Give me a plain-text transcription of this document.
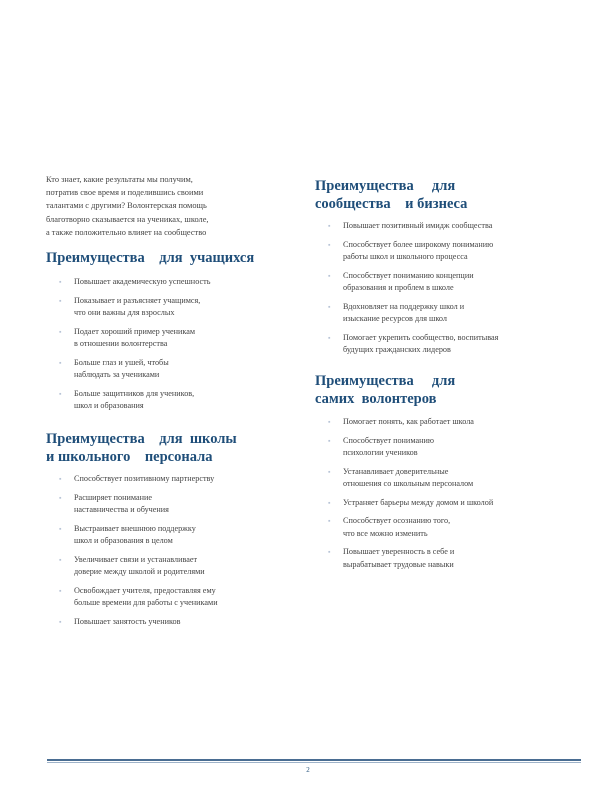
Кто знает, какие результаты мы получим,
потратив свое время и поделившись своими
талантами с другими? Волонтерская помощь
благотворно сказывается на учениках, школе,
а также положительно влияет на сообщество
Преимущества    для  учащихся
▪ Повышает академическую успешность
▪ Показывает и разъясняет учащимся,
что они важны для взрослых
▪ Подает хороший пример ученикам
в отношении волонтерства
▪ Больше глаз и ушей, чтобы
наблюдать за учениками
▪ Больше защитников для учеников,
школ и образования
Преимущества    для  школы
и школьного    персонала
▪ Способствует позитивному партнерству
▪ Расширяет понимание
наставничества и обучения
▪ Выстраивает внешнюю поддержку
школ и образования в целом
▪ Увеличивает связи и устанавливает
доверие между школой и родителями
▪ Освобождает учителя, предоставляя ему
больше времени для работы с учениками
▪ Повышает занятость учеников
Преимущества     для
сообщества    и бизнеса
▪ Повышает позитивный имидж сообщества
▪ Способствует более широкому пониманию
работы школ и школьного процесса
▪ Способствует пониманию концепции
образования и проблем в школе
▪ Вдохновляет на поддержку школ и
изыскание ресурсов для школ
▪ Помогает укрепить сообщество, воспитывая
будущих гражданских лидеров
Преимущества     для
самих  волонтеров
▪ Помогает понять, как работает школа
▪ Способствует пониманию
психологии учеников
▪ Устанавливает доверительные
отношения со школьным персоналом
▪ Устраняет барьеры между домом и школой
▪ Способствует осознанию того,
что все можно изменить
▪ Повышает уверенность в себе и
вырабатывает трудовые навыки
2
